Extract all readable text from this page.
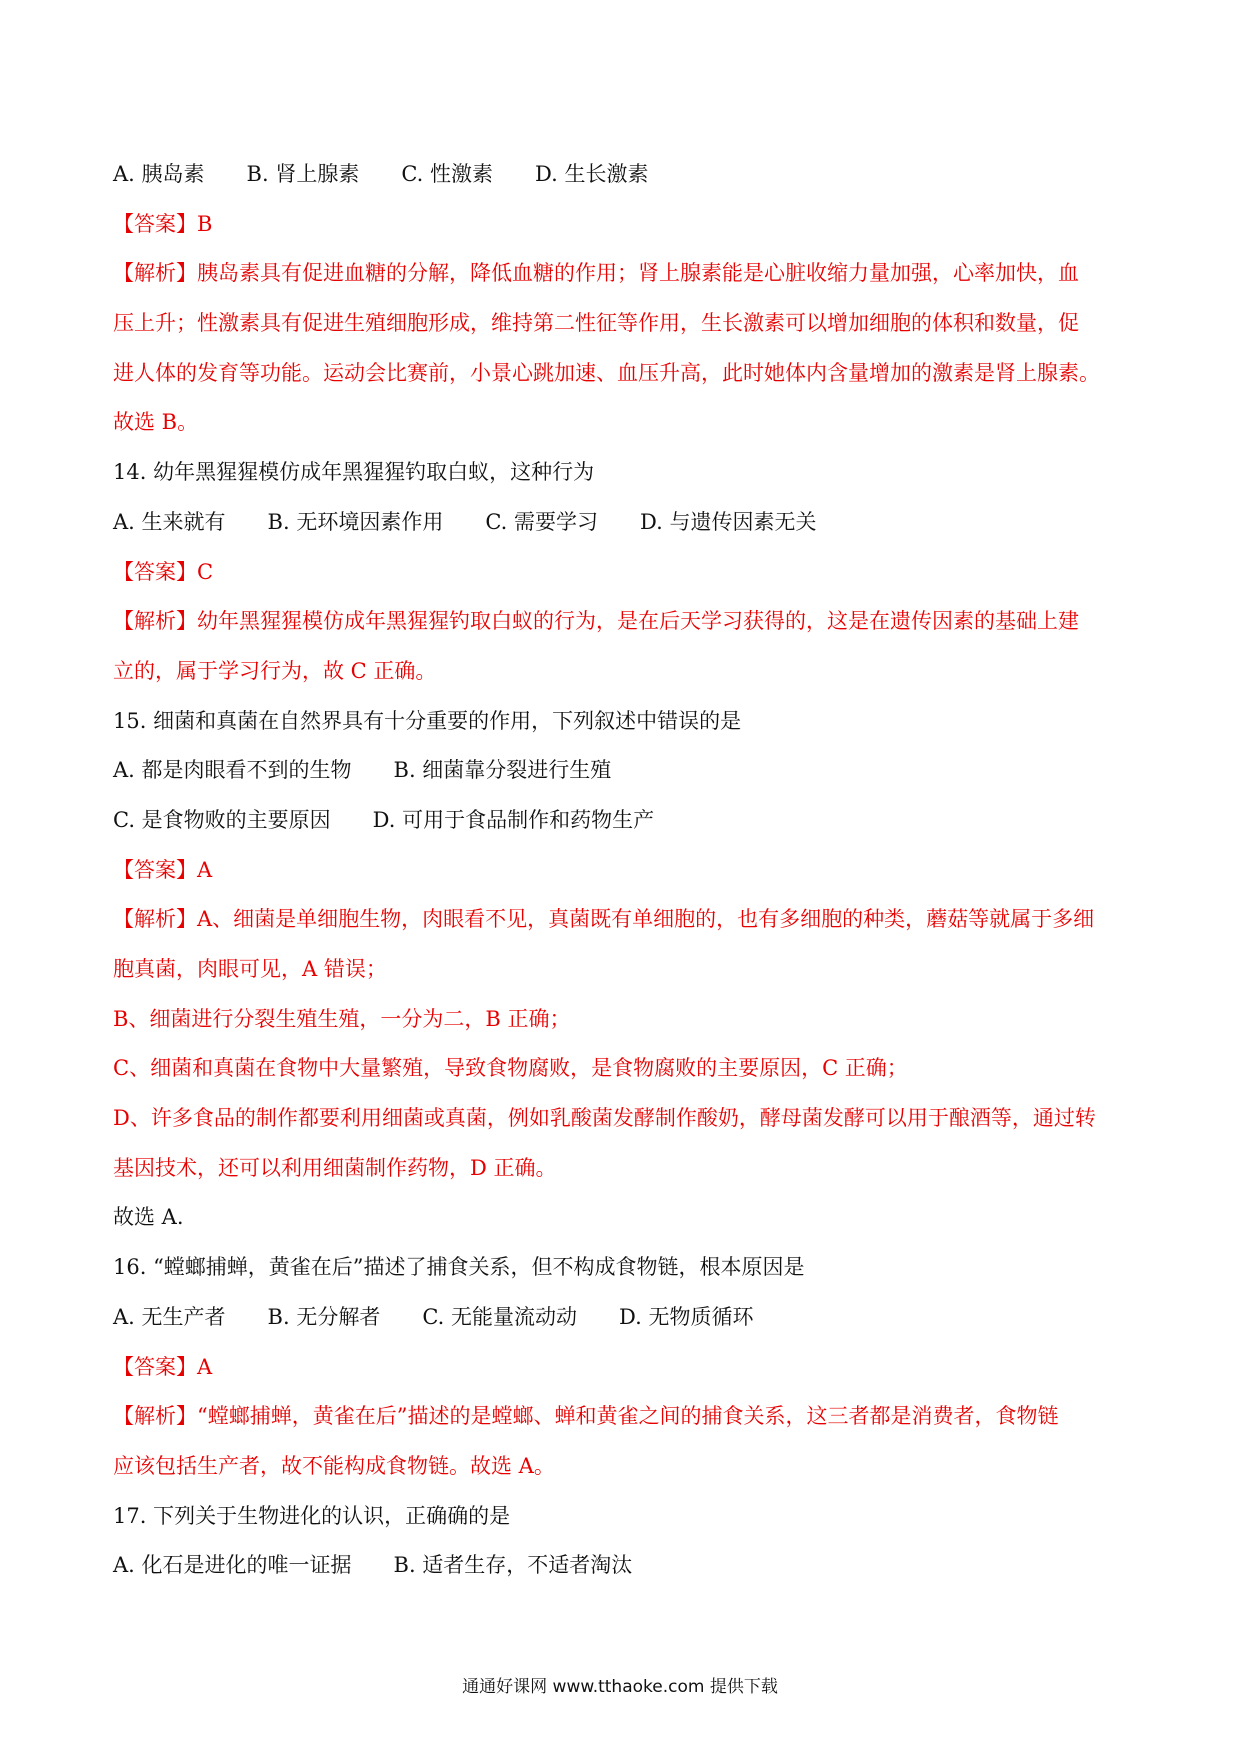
A. 胰岛素 B. 肾上腺素 C. 性激素 D. 生长激素
【答案】B
【解析】胰岛素具有促进血糖的分解，降低血糖的作用；肾上腺素能是心脏收缩力量加强，心率加快，血
压上升；性激素具有促进生殖细胞形成，维持第二性征等作用，生长激素可以增加细胞的体积和数量，促
进人体的发育等功能。运动会比赛前，小景心跳加速、血压升高，此时她体内含量增加的激素是肾上腺素。
故选 B。
14. 幼年黑猩猩模仿成年黑猩猩钓取白蚁，这种行为
A. 生来就有 B. 无环境因素作用 C. 需要学习 D. 与遗传因素无关
【答案】C
【解析】幼年黑猩猩模仿成年黑猩猩钓取白蚁的行为，是在后天学习获得的，这是在遗传因素的基础上建
立的，属于学习行为，故 C 正确。
15. 细菌和真菌在自然界具有十分重要的作用，下列叙述中错误的是
A. 都是肉眼看不到的生物 B. 细菌靠分裂进行生殖
C. 是食物败的主要原因 D. 可用于食品制作和药物生产
【答案】A
【解析】A、细菌是单细胞生物，肉眼看不见，真菌既有单细胞的，也有多细胞的种类，蘑菇等就属于多细
胞真菌，肉眼可见，A 错误；
B、细菌进行分裂生殖生殖，一分为二，B 正确；
C、细菌和真菌在食物中大量繁殖，导致食物腐败，是食物腐败的主要原因，C 正确；
D、许多食品的制作都要利用细菌或真菌，例如乳酸菌发酵制作酸奶，酵母菌发酵可以用于酿酒等，通过转
基因技术，还可以利用细菌制作药物，D 正确。
故选 A.
16. “螳螂捕蝉，黄雀在后”描述了捕食关系，但不构成食物链，根本原因是
A. 无生产者 B. 无分解者 C. 无能量流动动 D. 无物质循环
【答案】A
【解析】“螳螂捕蝉，黄雀在后”描述的是螳螂、蝉和黄雀之间的捕食关系，这三者都是消费者，食物链
应该包括生产者，故不能构成食物链。故选 A。
17. 下列关于生物进化的认识，正确确的是
A. 化石是进化的唯一证据 B. 适者生存，不适者淘汰
通通好课网 www.tthaoke.com 提供下载
